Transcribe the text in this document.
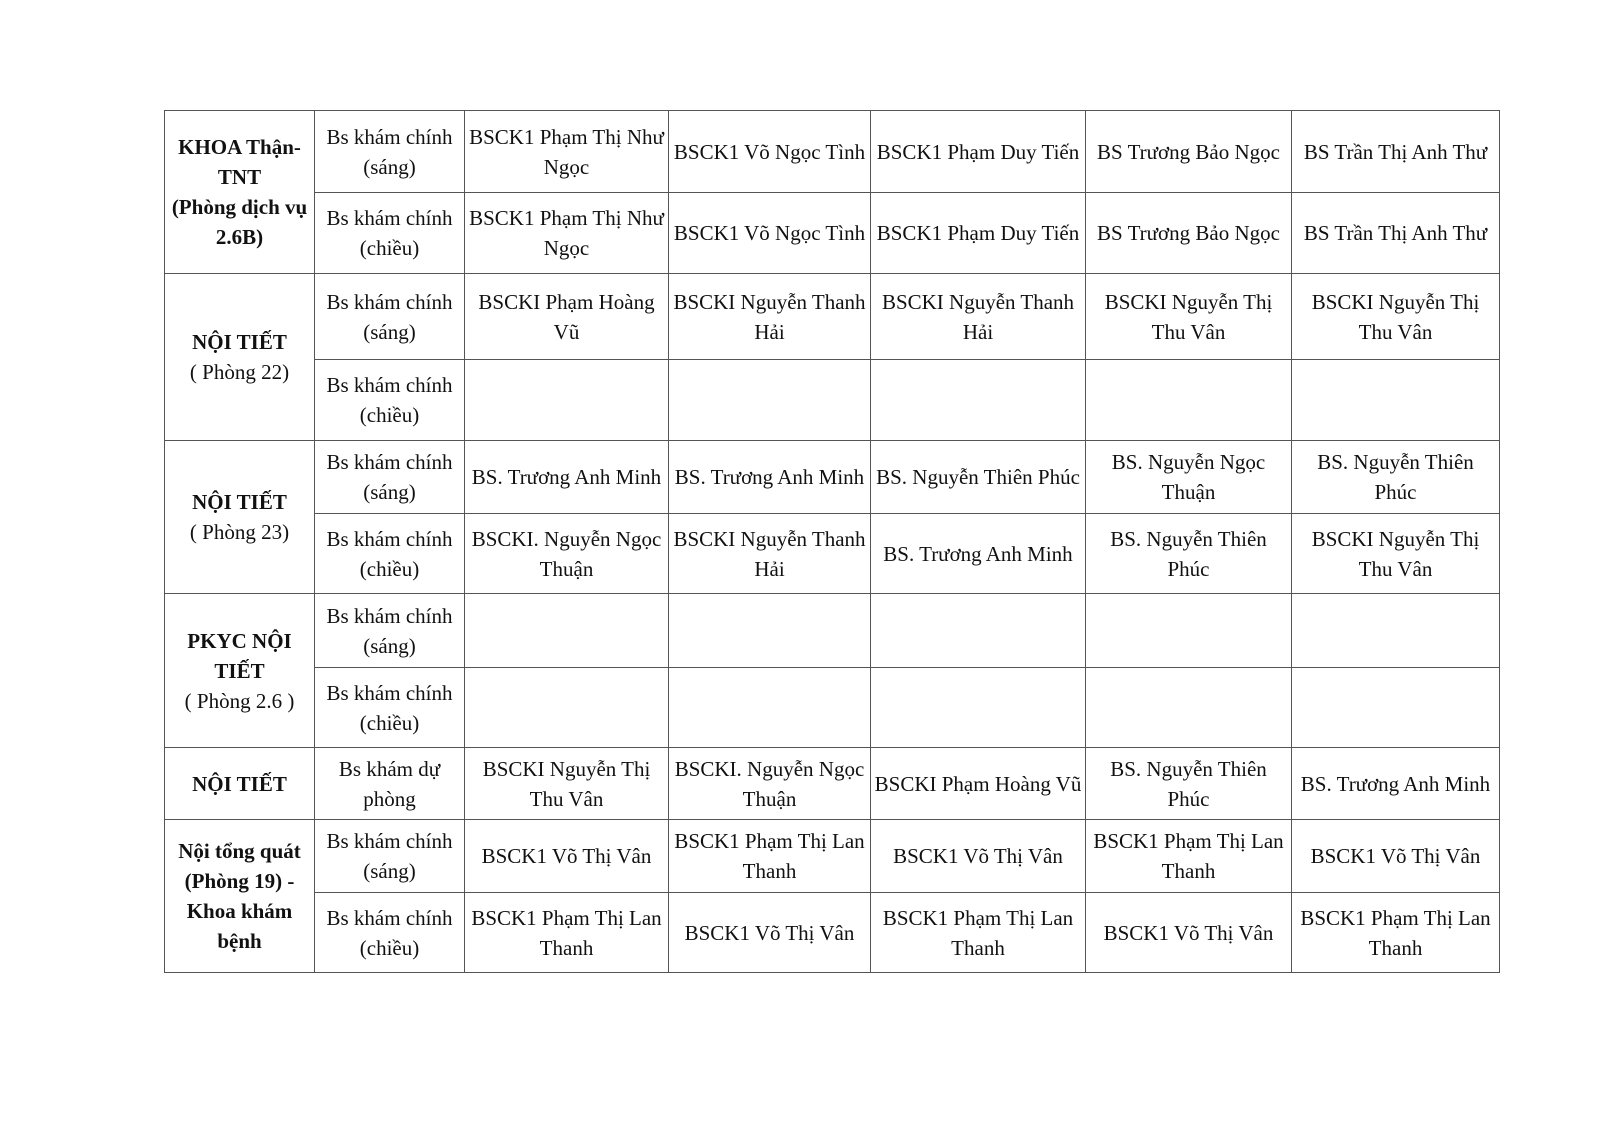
KHOA Thận-TNT
(Phòng dịch vụ 2.6B)	Bs khám chính (sáng)	BSCK1 Phạm Thị Như Ngọc	BSCK1 Võ Ngọc Tình	BSCK1 Phạm Duy Tiến	BS Trương Bảo Ngọc	BS Trần Thị Anh Thư
	Bs khám chính (chiều)	BSCK1 Phạm Thị Như Ngọc	BSCK1 Võ Ngọc Tình	BSCK1 Phạm Duy Tiến	BS Trương Bảo Ngọc	BS Trần Thị Anh Thư

NỘI TIẾT
( Phòng 22)	Bs khám chính (sáng)	BSCKI Phạm Hoàng Vũ	BSCKI Nguyễn Thanh Hải	BSCKI Nguyễn Thanh Hải	BSCKI Nguyễn Thị Thu Vân	BSCKI Nguyễn Thị Thu Vân
	Bs khám chính (chiều)					

NỘI TIẾT
( Phòng 23)	Bs khám chính (sáng)	BS. Trương Anh Minh	BS. Trương Anh Minh	BS. Nguyễn Thiên Phúc	BS. Nguyễn Ngọc Thuận	BS. Nguyễn Thiên Phúc
	Bs khám chính (chiều)	BSCKI. Nguyễn Ngọc Thuận	BSCKI Nguyễn Thanh Hải	BS. Trương Anh Minh	BS. Nguyễn Thiên Phúc	BSCKI Nguyễn Thị Thu Vân

PKYC NỘI TIẾT
( Phòng 2.6 )	Bs khám chính (sáng)					
	Bs khám chính (chiều)					

NỘI TIẾT	Bs khám dự phòng	BSCKI Nguyễn Thị Thu Vân	BSCKI. Nguyễn Ngọc Thuận	BSCKI Phạm Hoàng Vũ	BS. Nguyễn Thiên Phúc	BS. Trương Anh Minh

Nội tổng quát (Phòng 19) - Khoa khám bệnh	Bs khám chính (sáng)	BSCK1 Võ Thị Vân	BSCK1 Phạm Thị Lan Thanh	BSCK1 Võ Thị Vân	BSCK1 Phạm Thị Lan Thanh	BSCK1 Võ Thị Vân
	Bs khám chính (chiều)	BSCK1 Phạm Thị Lan Thanh	BSCK1 Võ Thị Vân	BSCK1 Phạm Thị Lan Thanh	BSCK1 Võ Thị Vân	BSCK1 Phạm Thị Lan Thanh
